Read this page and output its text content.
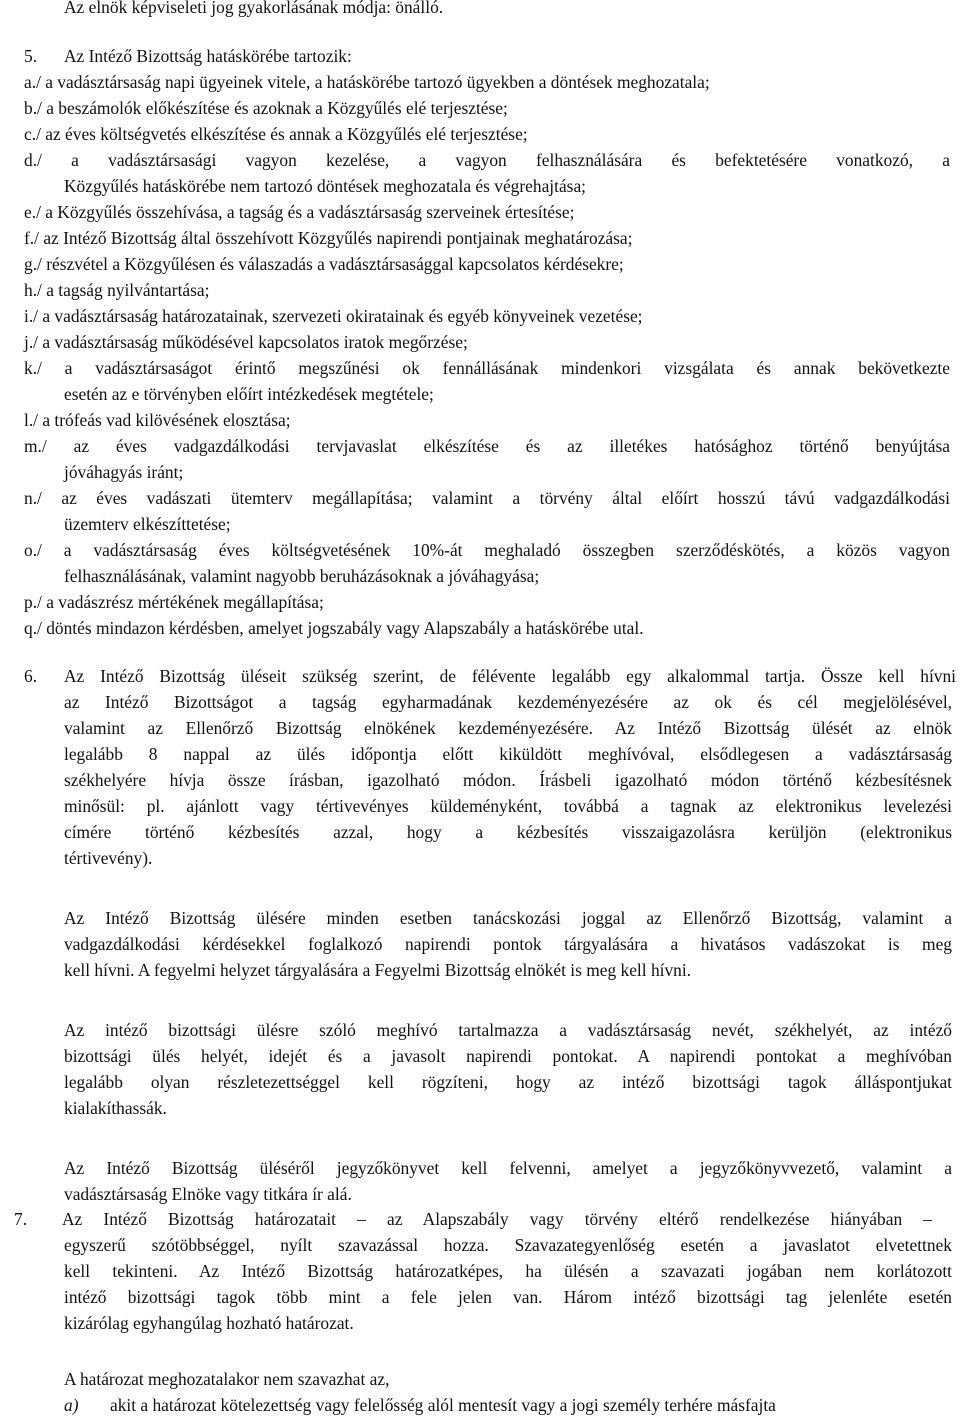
Az elnök képviseleti jog gyakorlásának módja: önálló.

5. Az Intéző Bizottság hatáskörébe tartozik:

a./ a vadásztársaság napi ügyeinek vitele, a hatáskörébe tartozó ügyekben a döntések meghozatala;

b./ a beszámolók előkészítése és azoknak a Közgyűlés elé terjesztése;

c./ az éves költségvetés elkészítése és annak a Közgyűlés elé terjesztése;

d./ a vadásztársasági vagyon kezelése, a vagyon felhasználására és befektetésére vonatkozó, a

Közgyűlés hatáskörébe nem tartozó döntések meghozatala és végrehajtása;

e./ a Közgyűlés összehívása, a tagság és a vadásztársaság szerveinek értesítése;

f./ az Intéző Bizottság által összehívott Közgyűlés napirendi pontjainak meghatározása;

g./ részvétel a Közgyűlésen és válaszadás a vadásztársasággal kapcsolatos kérdésekre;

h./ a tagság nyilvántartása;

i./ a vadásztársaság határozatainak, szervezeti okiratainak és egyéb könyveinek vezetése;

j./ a vadásztársaság működésével kapcsolatos iratok megőrzése;

k./ a vadásztársaságot érintő megszűnési ok fennállásának mindenkori vizsgálata és annak bekövetkezte

esetén az e törvényben előírt intézkedések megtétele;

l./ a trófeás vad kilövésének elosztása;

m./ az éves vadgazdálkodási tervjavaslat elkészítése és az illetékes hatósághoz történő benyújtása

jóváhagyás iránt;

n./ az éves vadászati ütemterv megállapítása; valamint a törvény által előírt hosszú távú vadgazdálkodási

üzemterv elkészíttetése;

o./ a vadásztársaság éves költségvetésének 10%-át meghaladó összegben szerződéskötés, a közös vagyon

felhasználásának, valamint nagyobb beruházásoknak a jóváhagyása;

p./ a vadászrész mértékének megállapítása;

q./ döntés mindazon kérdésben, amelyet jogszabály vagy Alapszabály a hatáskörébe utal.

6. Az Intéző Bizottság üléseit szükség szerint, de félévente legalább egy alkalommal tartja. Össze kell hívni

az Intéző Bizottságot a tagság egyharmadának kezdeményezésére az ok és cél megjelölésével,

valamint az Ellenőrző Bizottság elnökének kezdeményezésére. Az Intéző Bizottság ülését az elnök

legalább 8 nappal az ülés időpontja előtt kiküldött meghívóval, elsődlegesen a vadásztársaság

székhelyére hívja össze írásban, igazolható módon. Írásbeli igazolható módon történő kézbesítésnek

minősül: pl. ajánlott vagy tértivevényes küldeményként, továbbá a tagnak az elektronikus levelezési

címére történő kézbesítés azzal, hogy a kézbesítés visszaigazolásra kerüljön (elektronikus

tértivevény).

Az Intéző Bizottság ülésére minden esetben tanácskozási joggal az Ellenőrző Bizottság, valamint a

vadgazdálkodási kérdésekkel foglalkozó napirendi pontok tárgyalására a hivatásos vadászokat is meg

kell hívni. A fegyelmi helyzet tárgyalására a Fegyelmi Bizottság elnökét is meg kell hívni.

Az intéző bizottsági ülésre szóló meghívó tartalmazza a vadásztársaság nevét, székhelyét, az intéző

bizottsági ülés helyét, idejét és a javasolt napirendi pontokat. A napirendi pontokat a meghívóban

legalább olyan részletezettséggel kell rögzíteni, hogy az intéző bizottsági tagok álláspontjukat

kialakíthassák.

Az Intéző Bizottság üléséről jegyzőkönyvet kell felvenni, amelyet a jegyzőkönyvvezető, valamint a

vadásztársaság Elnöke vagy titkára ír alá.

7. Az Intéző Bizottság határozatait – az Alapszabály vagy törvény eltérő rendelkezése hiányában –

egyszerű szótöbbséggel, nyílt szavazással hozza. Szavazategyenlőség esetén a javaslatot elvetettnek

kell tekinteni. Az Intéző Bizottság határozatképes, ha ülésén a szavazati jogában nem korlátozott

intéző bizottsági tagok több mint a fele jelen van. Három intéző bizottsági tag jelenléte esetén

kizárólag egyhangúlag hozható határozat.

A határozat meghozatalakor nem szavazhat az,

a) akit a határozat kötelezettség vagy felelősség alól mentesít vagy a jogi személy terhére másfajta
